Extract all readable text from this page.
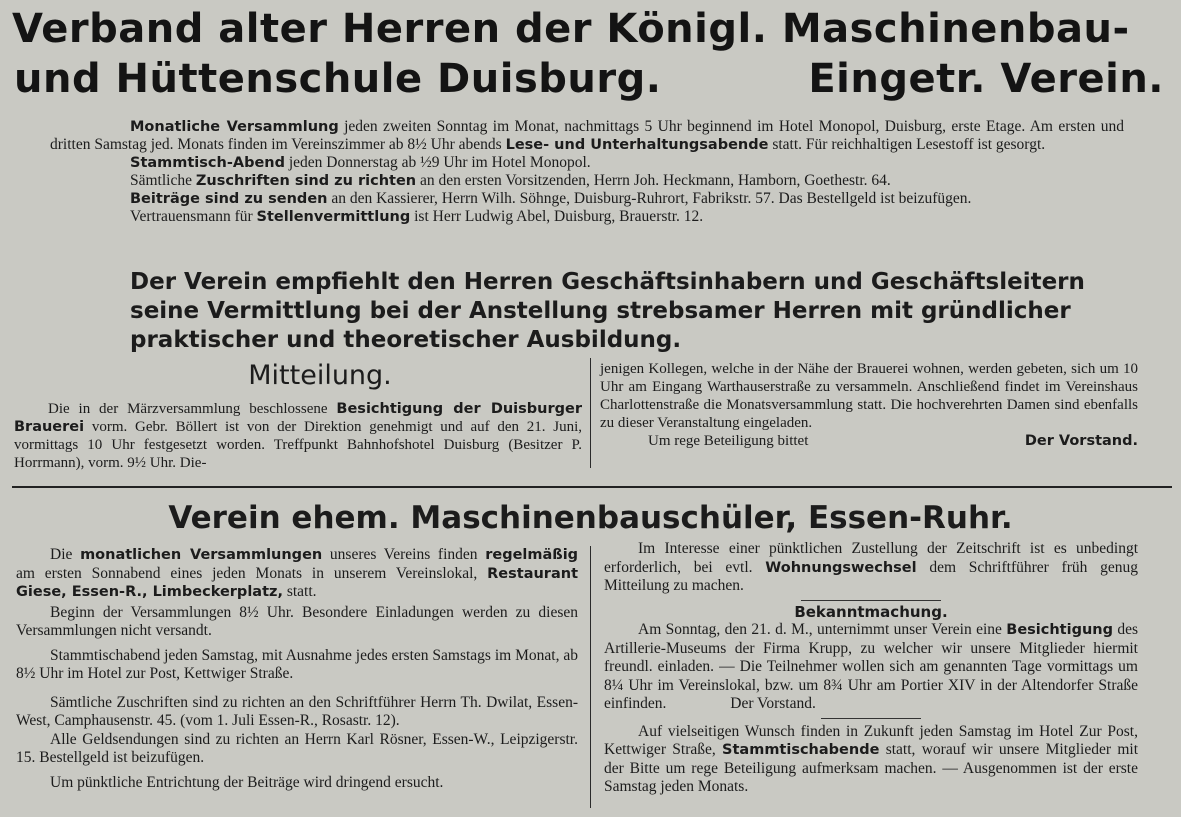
Verband alter Herren der Königl. Maschinenbau-
und Hüttenschule Duisburg.	Eingetr. Verein.
Monatliche Versammlung jeden zweiten Sonntag im Monat, nachmittags 5 Uhr beginnend im Hotel Monopol, Duisburg, erste Etage. Am ersten und dritten Samstag jed. Monats finden im Vereinszimmer ab 8½ Uhr abends Lese- und Unterhaltungsabende statt. Für reichhaltigen Lesestoff ist gesorgt.
Stammtisch-Abend jeden Donnerstag ab ½9 Uhr im Hotel Monopol.
Sämtliche Zuschriften sind zu richten an den ersten Vorsitzenden, Herrn Joh. Heckmann, Hamborn, Goethestr. 64.
Beiträge sind zu senden an den Kassierer, Herrn Wilh. Söhnge, Duisburg-Ruhrort, Fabrikstr. 57. Das Bestellgeld ist beizufügen.
Vertrauensmann für Stellenvermittlung ist Herr Ludwig Abel, Duisburg, Brauerstr. 12.
Der Verein empfiehlt den Herren Geschäftsinhabern und Geschäftsleitern seine Vermittlung bei der Anstellung strebsamer Herren mit gründlicher praktischer und theoretischer Ausbildung.
Mitteilung.
Die in der Märzversammlung beschlossene Besichtigung der Duisburger Brauerei vorm. Gebr. Böllert ist von der Direktion genehmigt und auf den 21. Juni, vormittags 10 Uhr festgesetzt worden. Treffpunkt Bahnhofshotel Duisburg (Besitzer P. Horrmann), vorm. 9½ Uhr. Die-
jenigen Kollegen, welche in der Nähe der Brauerei wohnen, werden gebeten, sich um 10 Uhr am Eingang Warthauserstraße zu versammeln. Anschließend findet im Vereinshaus Charlottenstraße die Monatsversammlung statt. Die hochverehrten Damen sind ebenfalls zu dieser Veranstaltung eingeladen.
Um rege Beteiligung bittet	Der Vorstand.
Verein ehem. Maschinenbauschüler, Essen-Ruhr.
Die monatlichen Versammlungen unseres Vereins finden regelmäßig am ersten Sonnabend eines jeden Monats in unserem Vereinslokal, Restaurant Giese, Essen-R., Limbeckerplatz, statt.
Beginn der Versammlungen 8½ Uhr. Besondere Einladungen werden zu diesen Versammlungen nicht versandt.
Stammtischabend jeden Samstag, mit Ausnahme jedes ersten Samstags im Monat, ab 8½ Uhr im Hotel zur Post, Kettwiger Straße.
Sämtliche Zuschriften sind zu richten an den Schriftführer Herrn Th. Dwilat, Essen-West, Camphausenstr. 45. (vom 1. Juli Essen-R., Rosastr. 12).
Alle Geldsendungen sind zu richten an Herrn Karl Rösner, Essen-W., Leipzigerstr. 15. Bestellgeld ist beizufügen.
Um pünktliche Entrichtung der Beiträge wird dringend ersucht.
Im Interesse einer pünktlichen Zustellung der Zeitschrift ist es unbedingt erforderlich, bei evtl. Wohnungswechsel dem Schriftführer früh genug Mitteilung zu machen.
Bekanntmachung.
Am Sonntag, den 21. d. M., unternimmt unser Verein eine Besichtigung des Artillerie-Museums der Firma Krupp, zu welcher wir unsere Mitglieder hiermit freundl. einladen. — Die Teilnehmer wollen sich am genannten Tage vormittags um 8¼ Uhr im Vereinslokal, bzw. um 8¾ Uhr am Portier XIV in der Altendorfer Straße einfinden.	Der Vorstand.
Auf vielseitigen Wunsch finden in Zukunft jeden Samstag im Hotel Zur Post, Kettwiger Straße, Stammtischabende statt, worauf wir unsere Mitglieder mit der Bitte um rege Beteiligung aufmerksam machen. — Ausgenommen ist der erste Samstag jeden Monats.
